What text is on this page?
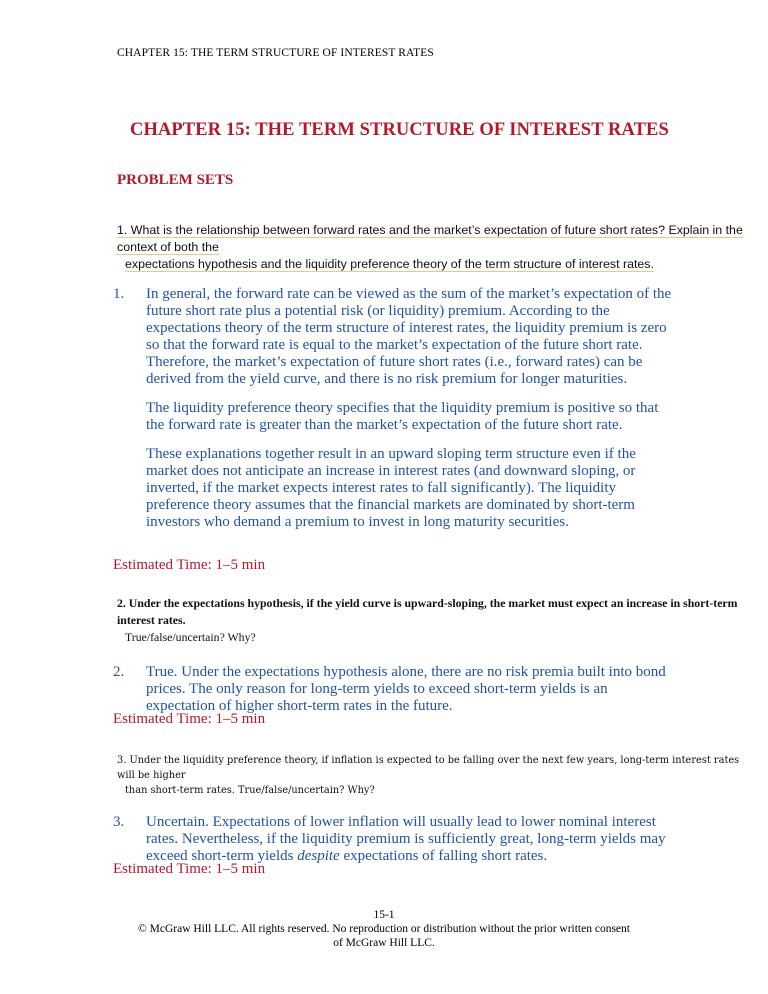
CHAPTER 15: THE TERM STRUCTURE OF INTEREST RATES
CHAPTER 15: THE TERM STRUCTURE OF INTEREST RATES
PROBLEM SETS
1. What is the relationship between forward rates and the market’s expectation of future short rates? Explain in the context of both the

expectations hypothesis and the liquidity preference theory of the term structure of interest rates.
1.	In general, the forward rate can be viewed as the sum of the market’s expectation of the future short rate plus a potential risk (or liquidity) premium. According to the expectations theory of the term structure of interest rates, the liquidity premium is zero so that the forward rate is equal to the market’s expectation of the future short rate. Therefore, the market’s expectation of future short rates (i.e., forward rates) can be derived from the yield curve, and there is no risk premium for longer maturities.

The liquidity preference theory specifies that the liquidity premium is positive so that the forward rate is greater than the market’s expectation of the future short rate.

These explanations together result in an upward sloping term structure even if the market does not anticipate an increase in interest rates (and downward sloping, or inverted, if the market expects interest rates to fall significantly). The liquidity preference theory assumes that the financial markets are dominated by short-term investors who demand a premium to invest in long maturity securities.

Estimated Time: 1–5 min
2. Under the expectations hypothesis, if the yield curve is upward-sloping, the market must expect an increase in short-term interest rates.

True/false/uncertain? Why?
2.	True. Under the expectations hypothesis alone, there are no risk premia built into bond prices. The only reason for long-term yields to exceed short-term yields is an expectation of higher short-term rates in the future.

Estimated Time: 1–5 min
3. Under the liquidity preference theory, if inflation is expected to be falling over the next few years, long-term interest rates will be higher

than short-term rates. True/false/uncertain? Why?
3.	Uncertain. Expectations of lower inflation will usually lead to lower nominal interest rates. Nevertheless, if the liquidity premium is sufficiently great, long-term yields may exceed short-term yields despite expectations of falling short rates.

Estimated Time: 1–5 min
15-1
© McGraw Hill LLC. All rights reserved. No reproduction or distribution without the prior written consent
of McGraw Hill LLC.
